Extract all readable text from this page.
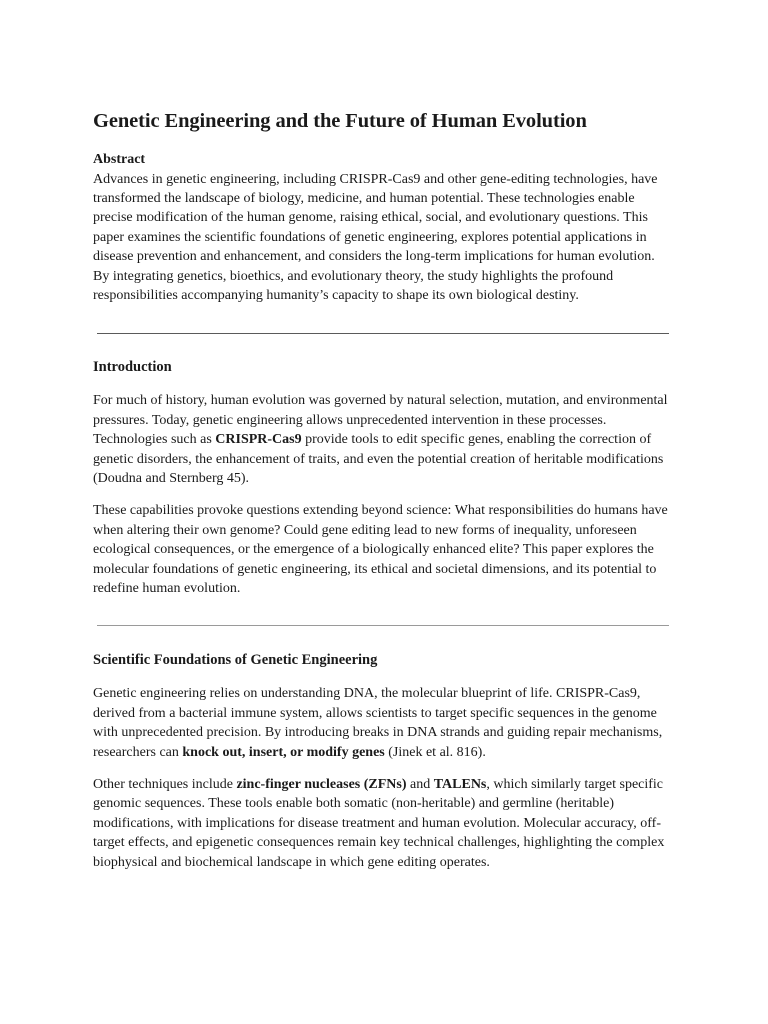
Genetic Engineering and the Future of Human Evolution
Abstract

Advances in genetic engineering, including CRISPR-Cas9 and other gene-editing technologies, have transformed the landscape of biology, medicine, and human potential. These technologies enable precise modification of the human genome, raising ethical, social, and evolutionary questions. This paper examines the scientific foundations of genetic engineering, explores potential applications in disease prevention and enhancement, and considers the long-term implications for human evolution. By integrating genetics, bioethics, and evolutionary theory, the study highlights the profound responsibilities accompanying humanity’s capacity to shape its own biological destiny.

Introduction

For much of history, human evolution was governed by natural selection, mutation, and environmental pressures. Today, genetic engineering allows unprecedented intervention in these processes. Technologies such as CRISPR-Cas9 provide tools to edit specific genes, enabling the correction of genetic disorders, the enhancement of traits, and even the potential creation of heritable modifications (Doudna and Sternberg 45).

These capabilities provoke questions extending beyond science: What responsibilities do humans have when altering their own genome? Could gene editing lead to new forms of inequality, unforeseen ecological consequences, or the emergence of a biologically enhanced elite? This paper explores the molecular foundations of genetic engineering, its ethical and societal dimensions, and its potential to redefine human evolution.

Scientific Foundations of Genetic Engineering

Genetic engineering relies on understanding DNA, the molecular blueprint of life. CRISPR-Cas9, derived from a bacterial immune system, allows scientists to target specific sequences in the genome with unprecedented precision. By introducing breaks in DNA strands and guiding repair mechanisms, researchers can knock out, insert, or modify genes (Jinek et al. 816).

Other techniques include zinc-finger nucleases (ZFNs) and TALENs, which similarly target specific genomic sequences. These tools enable both somatic (non-heritable) and germline (heritable) modifications, with implications for disease treatment and human evolution. Molecular accuracy, off-target effects, and epigenetic consequences remain key technical challenges, highlighting the complex biophysical and biochemical landscape in which gene editing operates.
